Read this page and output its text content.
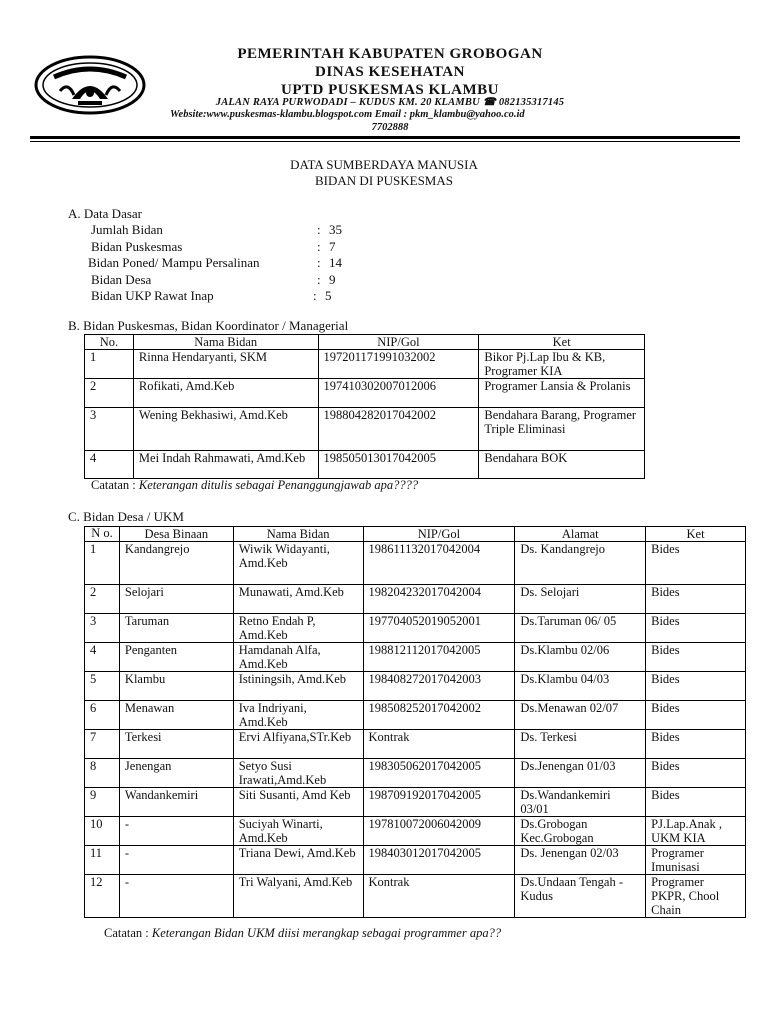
PEMERINTAH KABUPATEN GROBOGAN
DINAS KESEHATAN
UPTD PUSKESMAS KLAMBU
JALAN RAYA PURWODADI – KUDUS KM. 20 KLAMBU ☎ 082135317145
Website:www.puskesmas-klambu.blogspot.com Email : pkm_klambu@yahoo.co.id
7702888
DATA SUMBERDAYA MANUSIA
BIDAN DI PUSKESMAS
A. Data Dasar
Jumlah Bidan	: 35
Bidan Puskesmas	: 7
Bidan Poned/ Mampu Persalinan	: 14
Bidan Desa	: 9
Bidan UKP Rawat Inap	: 5
B. Bidan Puskesmas, Bidan Koordinator / Managerial
No.	Nama Bidan	NIP/Gol	Ket
1	Rinna Hendaryanti, SKM	197201171991032002	Bikor Pj.Lap Ibu & KB, Programer KIA
2	Rofikati, Amd.Keb	197410302007012006	Programer Lansia & Prolanis
3	Wening Bekhasiwi, Amd.Keb	198804282017042002	Bendahara Barang, Programer Triple Eliminasi
4	Mei Indah Rahmawati, Amd.Keb	198505013017042005	Bendahara BOK
Catatan : Keterangan ditulis sebagai Penanggungjawab apa????
C. Bidan Desa / UKM
N o.	Desa Binaan	Nama Bidan	NIP/Gol	Alamat	Ket
1	Kandangrejo	Wiwik Widayanti, Amd.Keb	198611132017042004	Ds. Kandangrejo	Bides
2	Selojari	Munawati, Amd.Keb	198204232017042004	Ds. Selojari	Bides
3	Taruman	Retno Endah P, Amd.Keb	197704052019052001	Ds.Taruman 06/ 05	Bides
4	Penganten	Hamdanah Alfa, Amd.Keb	198812112017042005	Ds.Klambu 02/06	Bides
5	Klambu	Istiningsih, Amd.Keb	198408272017042003	Ds.Klambu 04/03	Bides
6	Menawan	Iva Indriyani, Amd.Keb	198508252017042002	Ds.Menawan 02/07	Bides
7	Terkesi	Ervi Alfiyana,STr.Keb	Kontrak	Ds. Terkesi	Bides
8	Jenengan	Setyo Susi Irawati,Amd.Keb	198305062017042005	Ds.Jenengan 01/03	Bides
9	Wandankemiri	Siti Susanti, Amd Keb	198709192017042005	Ds.Wandankemiri 03/01	Bides
10	-	Suciyah Winarti, Amd.Keb	197810072006042009	Ds.Grobogan Kec.Grobogan	PJ.Lap.Anak , UKM KIA
11	-	Triana Dewi, Amd.Keb	198403012017042005	Ds. Jenengan 02/03	Programer Imunisasi
12	-	Tri Walyani, Amd.Keb	Kontrak	Ds.Undaan Tengah - Kudus	Programer PKPR, Chool Chain
Catatan : Keterangan Bidan UKM diisi merangkap sebagai programmer apa??
